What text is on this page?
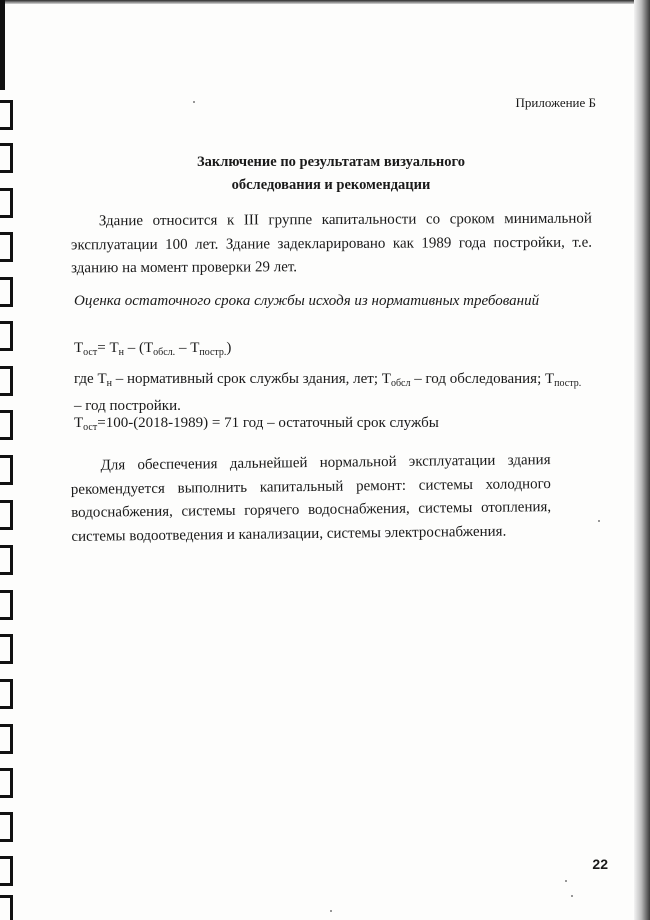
Приложение Б
Заключение по результатам визуального
обследования и рекомендации
Здание относится к III группе капитальности со сроком минимальной эксплуатации 100 лет. Здание задекларировано как 1989 года постройки, т.е. зданию на момент проверки 29 лет.
Оценка остаточного срока службы исходя из нормативных требований
$Т_{ост}= Т_н - (Т_{обсл.} - Т_{постр.})$
где $Т_н$ – нормативный срок службы здания, лет; $Т_{обсл}$ – год обследования; $Т_{постр.}$
– год постройки.
$Т_{ост}=100-(2018-1989) = 71$ год – остаточный срок службы
Для обеспечения дальнейшей нормальной эксплуатации здания рекомендуется выполнить капитальный ремонт: системы холодного водоснабжения, системы горячего водоснабжения, системы отопления, системы водоотведения и канализации, системы электроснабжения.
22
